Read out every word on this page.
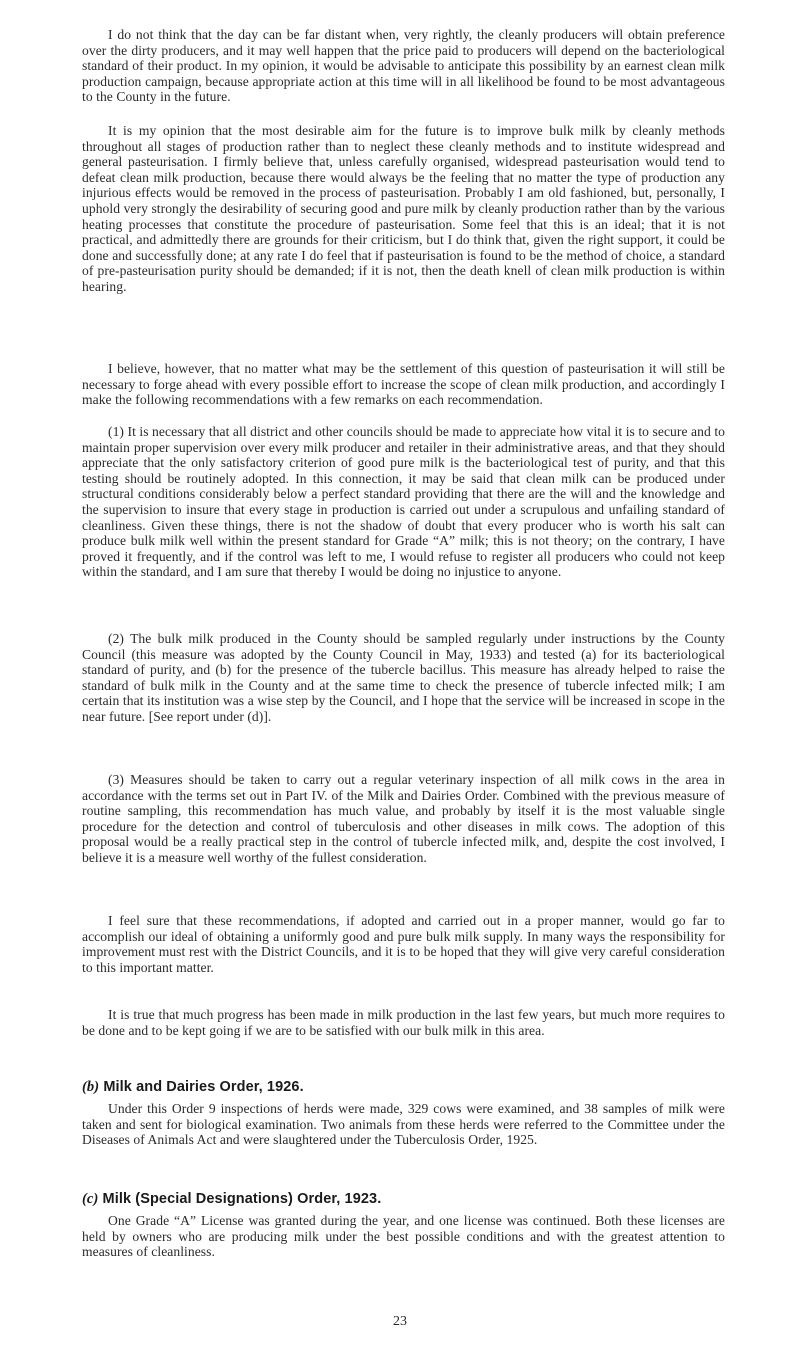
I do not think that the day can be far distant when, very rightly, the cleanly producers will obtain preference over the dirty producers, and it may well happen that the price paid to producers will depend on the bacteriological standard of their product. In my opinion, it would be advisable to anticipate this possibility by an earnest clean milk production campaign, because appropriate action at this time will in all likelihood be found to be most advantageous to the County in the future.

It is my opinion that the most desirable aim for the future is to improve bulk milk by cleanly methods throughout all stages of production rather than to neglect these cleanly methods and to institute widespread and general pasteurisation. I firmly believe that, unless carefully organised, widespread pasteurisation would tend to defeat clean milk production, because there would always be the feeling that no matter the type of production any injurious effects would be removed in the process of pasteurisation. Probably I am old fashioned, but, personally, I uphold very strongly the desirability of securing good and pure milk by cleanly production rather than by the various heating processes that constitute the procedure of pasteurisation. Some feel that this is an ideal; that it is not practical, and admittedly there are grounds for their criticism, but I do think that, given the right support, it could be done and successfully done; at any rate I do feel that if pasteurisation is found to be the method of choice, a standard of pre-pasteurisation purity should be demanded; if it is not, then the death knell of clean milk production is within hearing.

I believe, however, that no matter what may be the settlement of this question of pasteurisation it will still be necessary to forge ahead with every possible effort to increase the scope of clean milk production, and accordingly I make the following recommendations with a few remarks on each recommendation.

(1) It is necessary that all district and other councils should be made to appreciate how vital it is to secure and to maintain proper supervision over every milk producer and retailer in their administrative areas, and that they should appreciate that the only satisfactory criterion of good pure milk is the bacteriological test of purity, and that this testing should be routinely adopted. In this connection, it may be said that clean milk can be produced under structural conditions considerably below a perfect standard providing that there are the will and the knowledge and the supervision to insure that every stage in production is carried out under a scrupulous and unfailing standard of cleanliness. Given these things, there is not the shadow of doubt that every producer who is worth his salt can produce bulk milk well within the present standard for Grade “A” milk; this is not theory; on the contrary, I have proved it frequently, and if the control was left to me, I would refuse to register all producers who could not keep within the standard, and I am sure that thereby I would be doing no injustice to anyone.

(2) The bulk milk produced in the County should be sampled regularly under instructions by the County Council (this measure was adopted by the County Council in May, 1933) and tested (a) for its bacteriological standard of purity, and (b) for the presence of the tubercle bacillus. This measure has already helped to raise the standard of bulk milk in the County and at the same time to check the presence of tubercle infected milk; I am certain that its institution was a wise step by the Council, and I hope that the service will be increased in scope in the near future. [See report under (d)].

(3) Measures should be taken to carry out a regular veterinary inspection of all milk cows in the area in accordance with the terms set out in Part IV. of the Milk and Dairies Order. Combined with the previous measure of routine sampling, this recommendation has much value, and probably by itself it is the most valuable single procedure for the detection and control of tuberculosis and other diseases in milk cows. The adoption of this proposal would be a really practical step in the control of tubercle infected milk, and, despite the cost involved, I believe it is a measure well worthy of the fullest consideration.

I feel sure that these recommendations, if adopted and carried out in a proper manner, would go far to accomplish our ideal of obtaining a uniformly good and pure bulk milk supply. In many ways the responsibility for improvement must rest with the District Councils, and it is to be hoped that they will give very careful consideration to this important matter.

It is true that much progress has been made in milk production in the last few years, but much more requires to be done and to be kept going if we are to be satisfied with our bulk milk in this area.

(b) Milk and Dairies Order, 1926.

Under this Order 9 inspections of herds were made, 329 cows were examined, and 38 samples of milk were taken and sent for biological examination. Two animals from these herds were referred to the Committee under the Diseases of Animals Act and were slaughtered under the Tuberculosis Order, 1925.

(c) Milk (Special Designations) Order, 1923.

One Grade “A” License was granted during the year, and one license was continued. Both these licenses are held by owners who are producing milk under the best possible conditions and with the greatest attention to measures of cleanliness.

23
